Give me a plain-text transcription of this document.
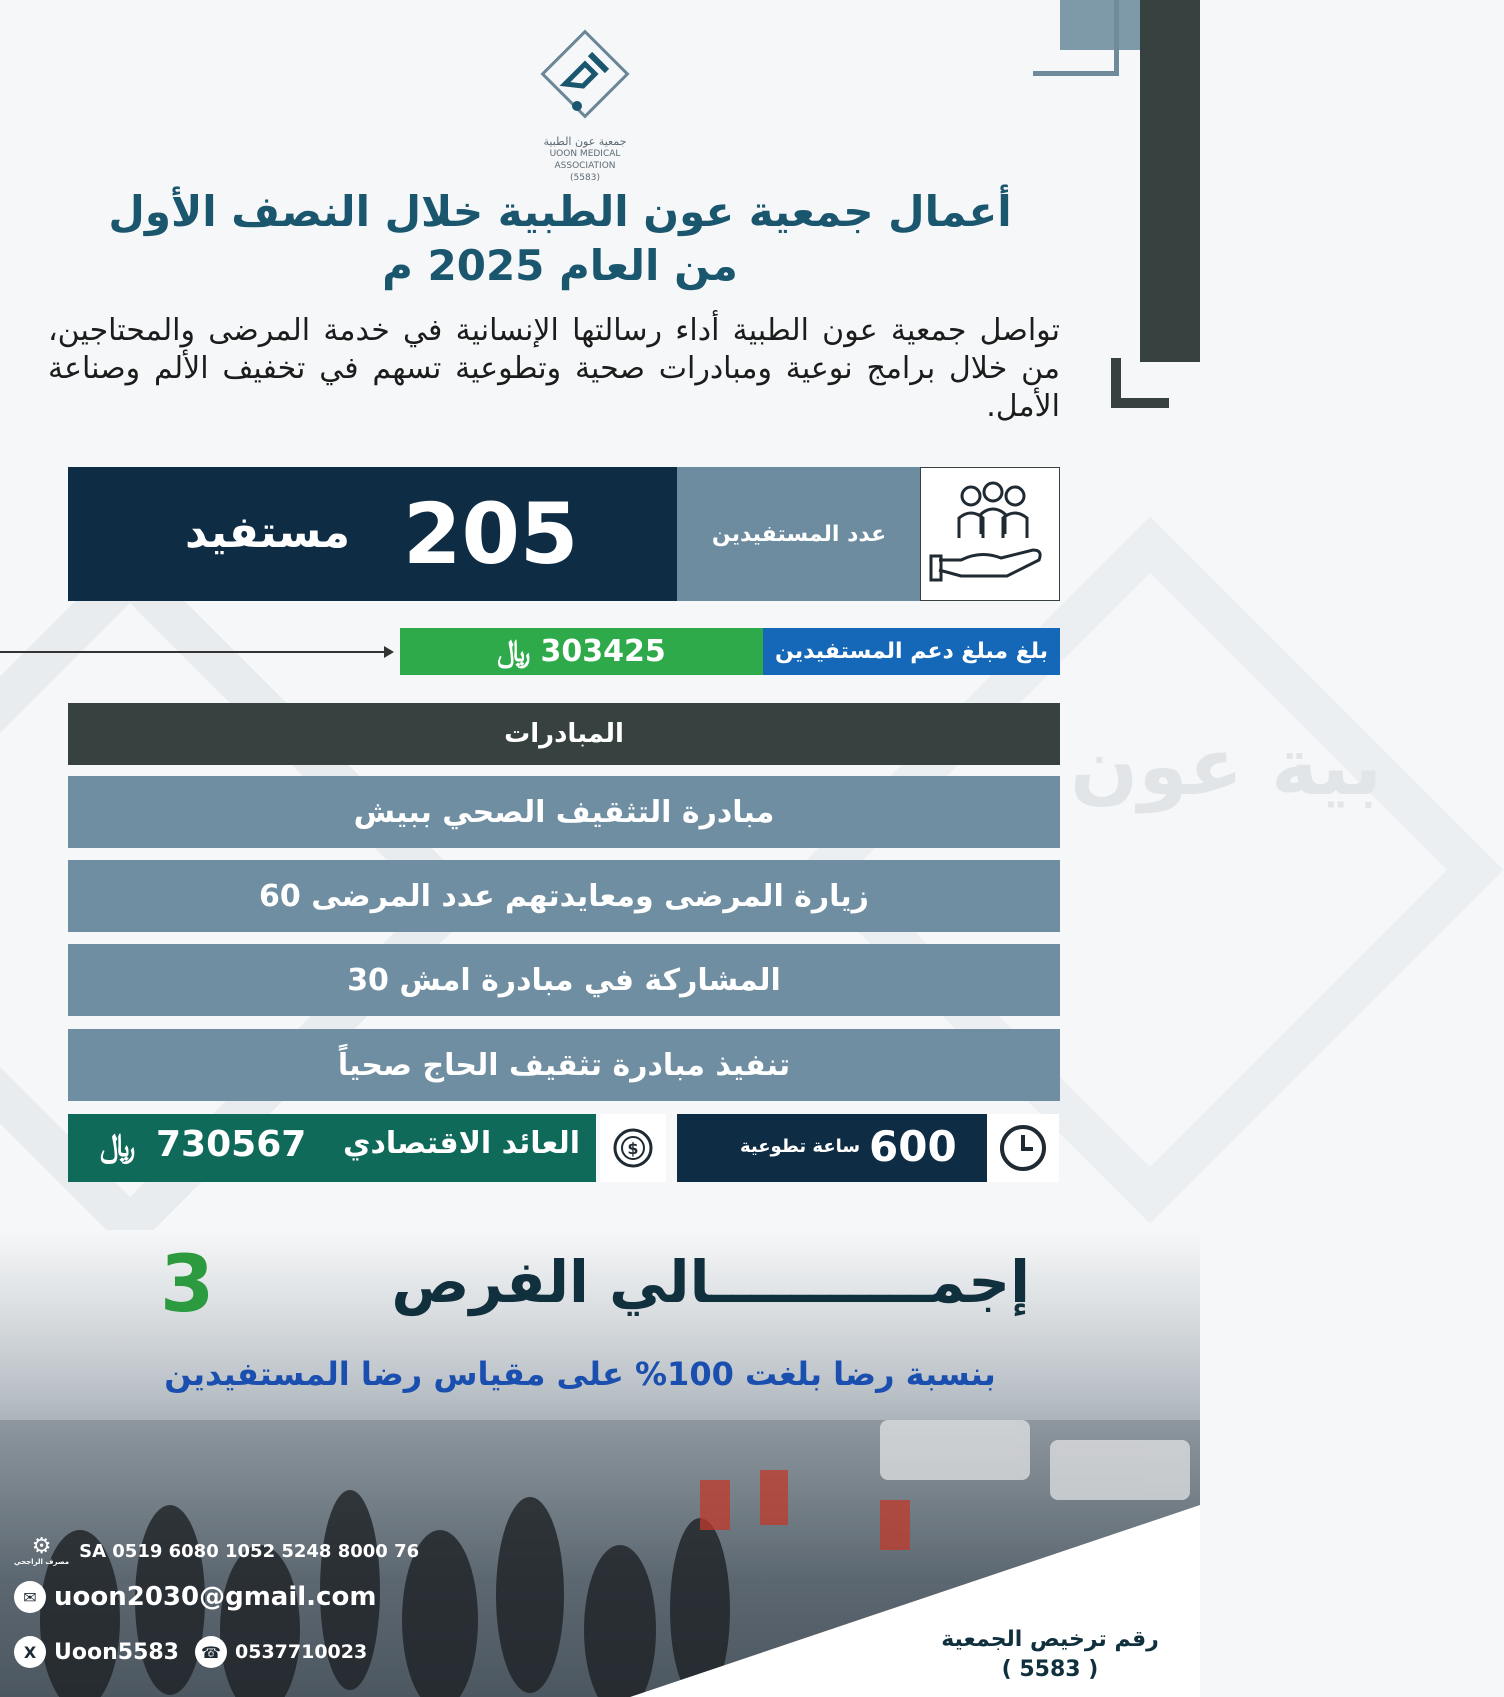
بية عون
جمعية عون الطبية
UOON MEDICAL ASSOCIATION
(5583)
أعمال جمعية عون الطبية خلال النصف الأول
من العام 2025 م
تواصل جمعية عون الطبية أداء رسالتها الإنسانية في خدمة المرضى والمحتاجين، من خلال برامج نوعية ومبادرات صحية وتطوعية تسهم في تخفيف الألم وصناعة الأمل.
205
مستفيد	عدد المستفيدين
303425
﷼	بلغ مبلغ دعم المستفيدين
المبادرات
مبادرة التثقيف الصحي ببيش
زيارة المرضى ومعايدتهم عدد المرضى 60
المشاركة في مبادرة امش 30
تنفيذ مبادرة تثقيف الحاج صحياً
العائد الاقتصادي
730567
﷼	$	600
ساعة تطوعية
3	إجمـــــــــــالي الفرص
بنسبة رضا بلغت 100% على مقياس رضا المستفيدين
رقم ترخيص الجمعية
( 5583 )
⚙
مصرف الراجحي
SA 0519 6080 1052 5248 8000 76
✉ uoon2030@gmail.com
X Uoon5583	☎ 0537710023
